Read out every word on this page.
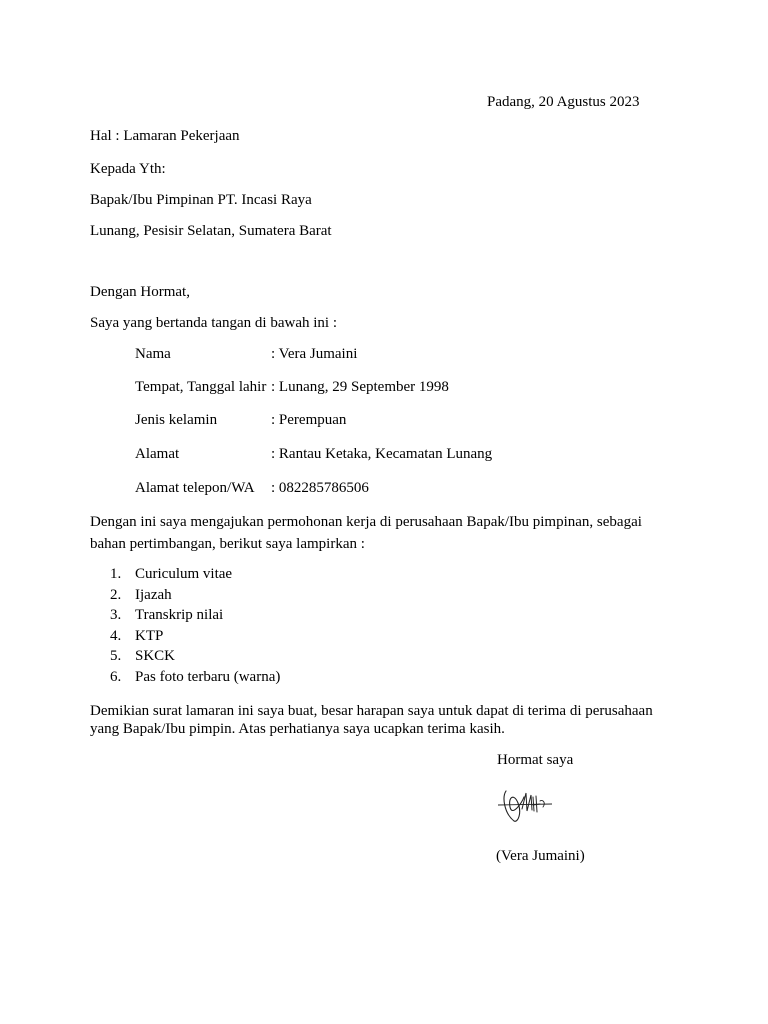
Padang, 20 Agustus 2023
Hal : Lamaran Pekerjaan
Kepada Yth:
Bapak/Ibu Pimpinan PT. Incasi Raya
Lunang, Pesisir Selatan, Sumatera Barat
Dengan Hormat,
Saya yang bertanda tangan di bawah ini :
Nama	: Vera Jumaini
Tempat, Tanggal lahir : Lunang, 29 September 1998
Jenis kelamin	: Perempuan
Alamat	: Rantau Ketaka, Kecamatan Lunang
Alamat telepon/WA : 082285786506
Dengan ini saya mengajukan permohonan kerja di perusahaan Bapak/Ibu pimpinan, sebagai
bahan pertimbangan, berikut saya lampirkan :
1. Curiculum vitae
2. Ijazah
3. Transkrip nilai
4. KTP
5. SKCK
6. Pas foto terbaru (warna)
Demikian surat lamaran ini saya buat, besar harapan saya untuk dapat di terima di perusahaan
yang Bapak/Ibu pimpin. Atas perhatianya saya ucapkan terima kasih.
Hormat saya
(Vera Jumaini)
